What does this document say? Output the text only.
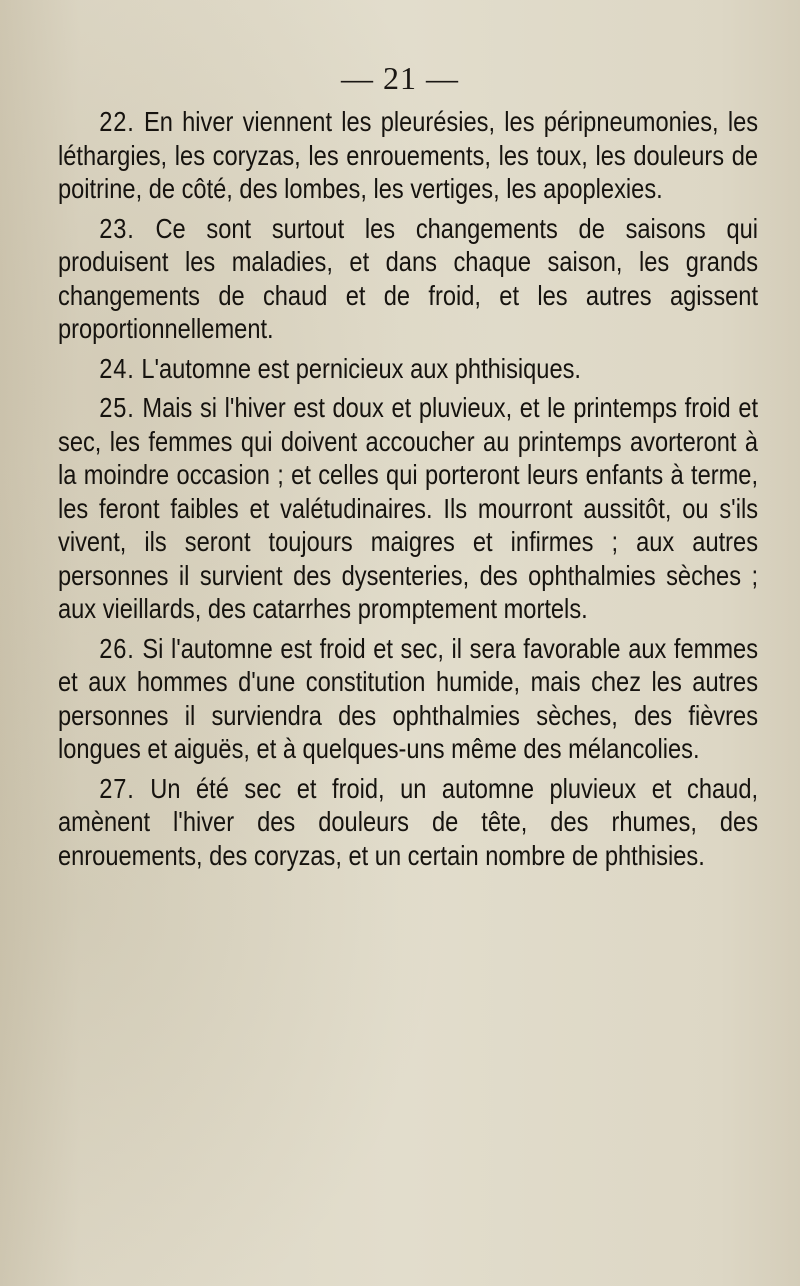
— 21 —

22. En hiver viennent les pleurésies, les péripneumonies, les léthargies, les coryzas, les enrouements, les toux, les douleurs de poitrine, de côté, des lombes, les vertiges, les apoplexies.

23. Ce sont surtout les changements de saisons qui produisent les maladies, et dans chaque saison, les grands changements de chaud et de froid, et les autres agissent proportionnellement.

24. L'automne est pernicieux aux phthisiques.

25. Mais si l'hiver est doux et pluvieux, et le printemps froid et sec, les femmes qui doivent accoucher au printemps avorteront à la moindre occasion ; et celles qui porteront leurs enfants à terme, les feront faibles et valétudinaires. Ils mourront aussitôt, ou s'ils vivent, ils seront toujours maigres et infirmes ; aux autres personnes il survient des dysenteries, des ophthalmies sèches ; aux vieillards, des catarrhes promptement mortels.

26. Si l'automne est froid et sec, il sera favorable aux femmes et aux hommes d'une constitution humide, mais chez les autres personnes il surviendra des ophthalmies sèches, des fièvres longues et aiguës, et à quelques-uns même des mélancolies.

27. Un été sec et froid, un automne pluvieux et chaud, amènent l'hiver des douleurs de tête, des rhumes, des enrouements, des coryzas, et un certain nombre de phthisies.
